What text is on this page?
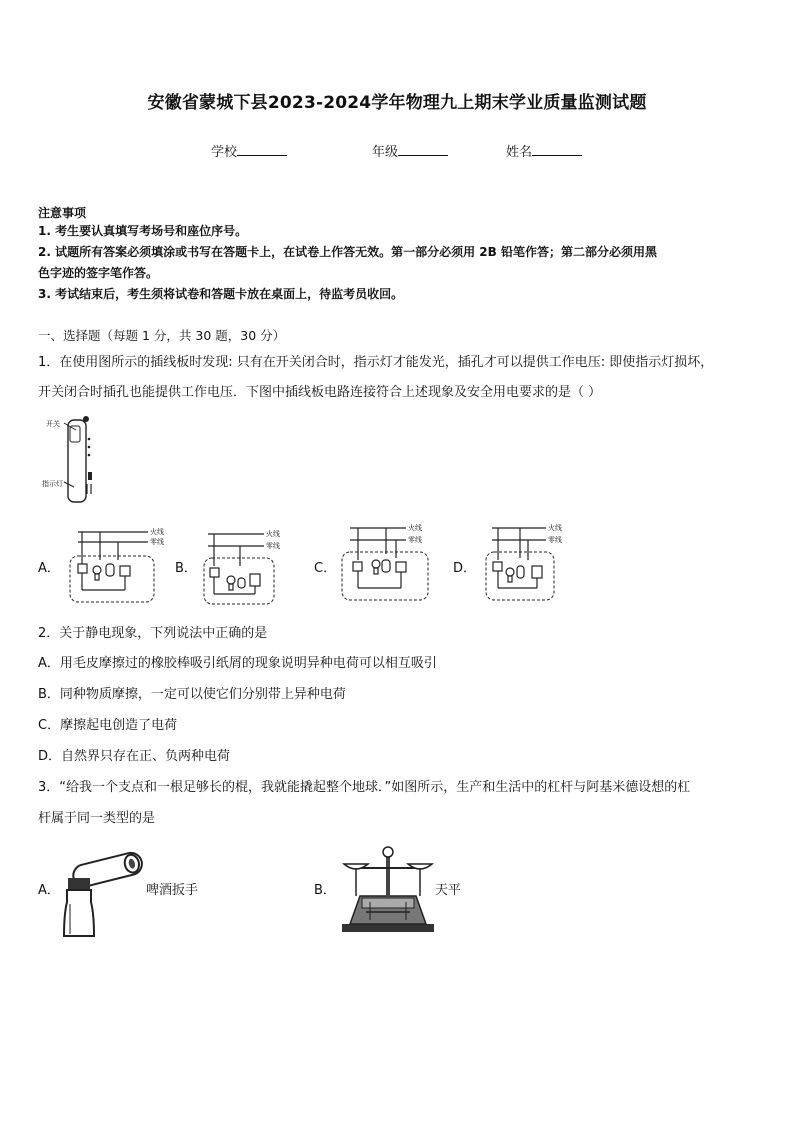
安徽省蒙城下县2023-2024学年物理九上期末学业质量监测试题
学校	年级	姓名
注意事项
1. 考生要认真填写考场号和座位序号。
2. 试题所有答案必须填涂或书写在答题卡上，在试卷上作答无效。第一部分必须用 2B 铅笔作答；第二部分必须用黑
色字迹的签字笔作答。
3. 考试结束后，考生须将试卷和答题卡放在桌面上，待监考员收回。
一、选择题（每题 1 分，共 30 题，30 分）
1．在使用图所示的插线板时发现: 只有在开关闭合时，指示灯才能发光，插孔才可以提供工作电压: 即使指示灯损坏，
开关闭合时插孔也能提供工作电压．下图中插线板电路连接符合上述现象及安全用电要求的是（ ）
开关
指示灯
A．
火线
零线
B．
火线
零线
C．
火线
零线
D．
火线
零线
2．关于静电现象，下列说法中正确的是
A．用毛皮摩擦过的橡胶棒吸引纸屑的现象说明异种电荷可以相互吸引
B．同种物质摩擦，一定可以使它们分别带上异种电荷
C．摩擦起电创造了电荷
D．自然界只存在正、负两种电荷
3．“给我一个支点和一根足够长的棍，我就能撬起整个地球．”如图所示，生产和生活中的杠杆与阿基米德设想的杠
杆属于同一类型的是
A．	啤酒扳手	B．	天平
